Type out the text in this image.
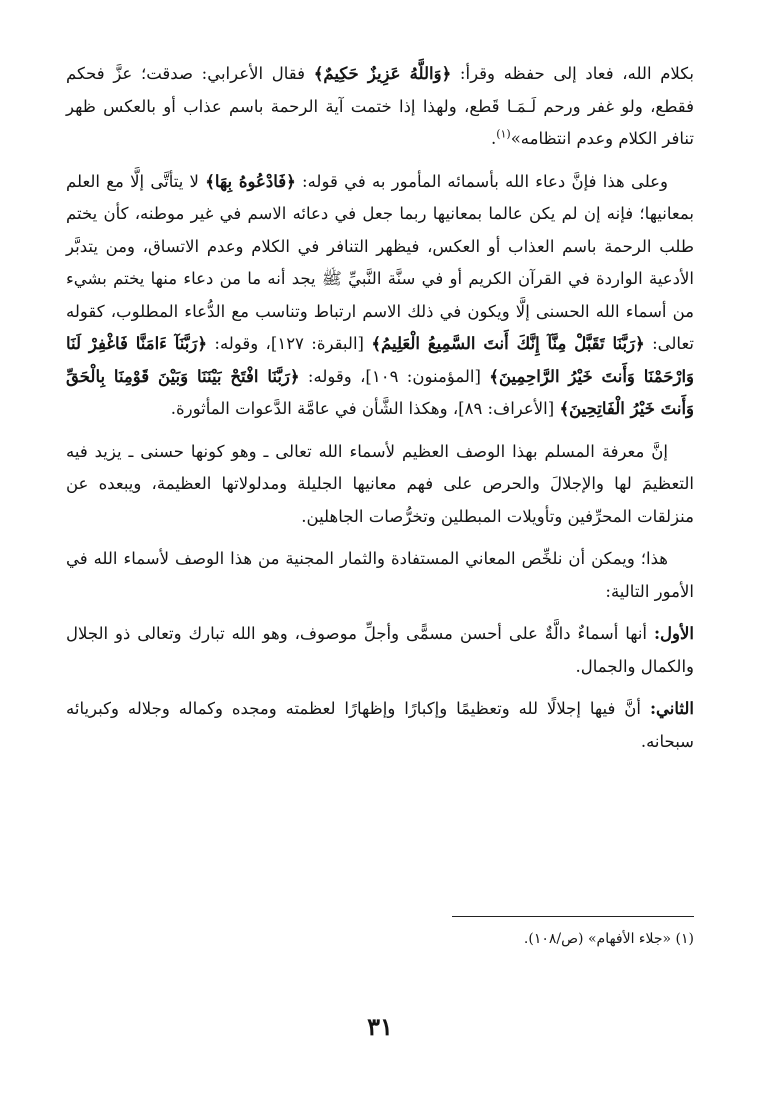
بكلام الله، فعاد إلى حفظه وقرأ: ﴿وَاللَّهُ عَزِيزٌ حَكِيمٌ﴾ فقال الأعرابي: صدقت؛ عزَّ فحكم فقطع، ولو غفر ورحم لَـمَـا قَطع، ولهذا إذا ختمت آية الرحمة باسم عذاب أو بالعكس ظهر تنافر الكلام وعدم انتظامه»$^{(١)}$.

وعلى هذا فإنَّ دعاء الله بأسمائه المأمور به في قوله: ﴿فَادْعُوهُ بِهَا﴾ لا يتأتَّى إلَّا مع العلم بمعانيها؛ فإنه إن لم يكن عالما بمعانيها ربما جعل في دعائه الاسم في غير موطنه، كأن يختم طلب الرحمة باسم العذاب أو العكس، فيظهر التنافر في الكلام وعدم الاتساق، ومن يتدبَّر الأدعية الواردة في القرآن الكريم أو في سنَّة النَّبيِّ ﷺ يجد أنه ما من دعاء منها يختم بشيء من أسماء الله الحسنى إلَّا ويكون في ذلك الاسم ارتباط وتناسب مع الدُّعاء المطلوب، كقوله تعالى: ﴿رَبَّنَا تَقَبَّلْ مِنَّآ إِنَّكَ أَنتَ السَّمِيعُ الْعَلِيمُ﴾ [البقرة: ١٢٧]، وقوله: ﴿رَبَّنَآ ءَامَنَّا فَاغْفِرْ لَنَا وَارْحَمْنَا وَأَنتَ خَيْرُ الرَّاحِمِينَ﴾ [المؤمنون: ١٠٩]، وقوله: ﴿رَبَّنَا افْتَحْ بَيْنَنَا وَبَيْنَ قَوْمِنَا بِالْحَقِّ وَأَنتَ خَيْرُ الْفَاتِحِينَ﴾ [الأعراف: ٨٩]، وهكذا الشَّأن في عامَّة الدَّعوات المأثورة.

إنَّ معرفة المسلم بهذا الوصف العظيم لأسماء الله تعالى ـ وهو كونها حسنى ـ يزيد فيه التعظيمَ لها والإجلالَ والحرص على فهم معانيها الجليلة ومدلولاتها العظيمة، ويبعده عن منزلقات المحرِّفين وتأويلات المبطلين وتخرُّصات الجاهلين.

هذا؛ ويمكن أن نلخِّص المعاني المستفادة والثمار المجنية من هذا الوصف لأسماء الله في الأمور التالية:

الأول: أنها أسماءٌ دالَّةٌ على أحسن مسمًّى وأجلِّ موصوف، وهو الله تبارك وتعالى ذو الجلال والكمال والجمال.

الثاني: أنَّ فيها إجلالًا لله وتعظيمًا وإكبارًا وإظهارًا لعظمته ومجده وكماله وجلاله وكبريائه سبحانه.

(١) «جلاء الأفهام» (ص/١٠٨).
٣١
